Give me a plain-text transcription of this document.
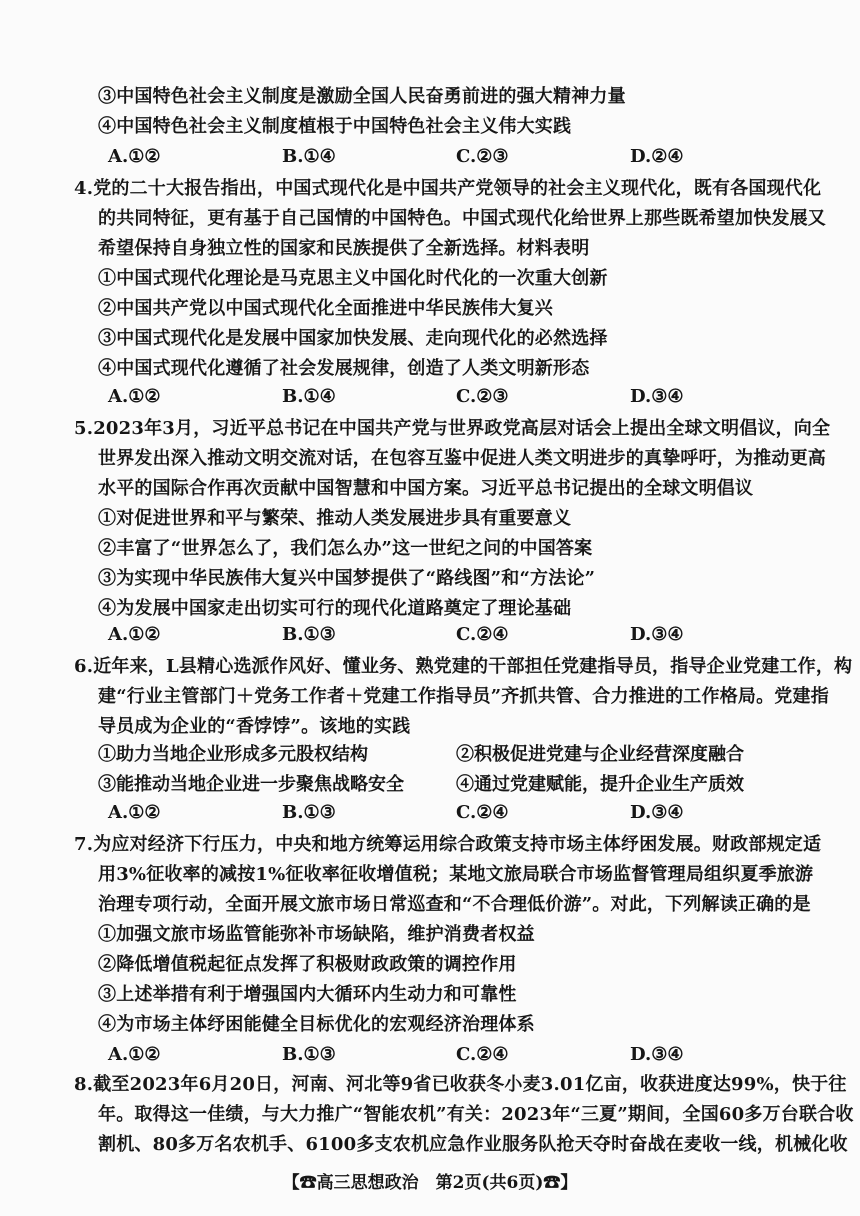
③中国特色社会主义制度是激励全国人民奋勇前进的强大精神力量
④中国特色社会主义制度植根于中国特色社会主义伟大实践
A.①②	B.①④	C.②③	D.②④
4.党的二十大报告指出，中国式现代化是中国共产党领导的社会主义现代化，既有各国现代化
的共同特征，更有基于自己国情的中国特色。中国式现代化给世界上那些既希望加快发展又
希望保持自身独立性的国家和民族提供了全新选择。材料表明
①中国式现代化理论是马克思主义中国化时代化的一次重大创新
②中国共产党以中国式现代化全面推进中华民族伟大复兴
③中国式现代化是发展中国家加快发展、走向现代化的必然选择
④中国式现代化遵循了社会发展规律，创造了人类文明新形态
A.①②	B.①④	C.②③	D.③④
5.2023年3月，习近平总书记在中国共产党与世界政党高层对话会上提出全球文明倡议，向全
世界发出深入推动文明交流对话，在包容互鉴中促进人类文明进步的真挚呼吁，为推动更高
水平的国际合作再次贡献中国智慧和中国方案。习近平总书记提出的全球文明倡议
①对促进世界和平与繁荣、推动人类发展进步具有重要意义
②丰富了“世界怎么了，我们怎么办”这一世纪之问的中国答案
③为实现中华民族伟大复兴中国梦提供了“路线图”和“方法论”
④为发展中国家走出切实可行的现代化道路奠定了理论基础
A.①②	B.①③	C.②④	D.③④
6.近年来，L县精心选派作风好、懂业务、熟党建的干部担任党建指导员，指导企业党建工作，构
建“行业主管部门＋党务工作者＋党建工作指导员”齐抓共管、合力推进的工作格局。党建指
导员成为企业的“香饽饽”。该地的实践
①助力当地企业形成多元股权结构	②积极促进党建与企业经营深度融合
③能推动当地企业进一步聚焦战略安全	④通过党建赋能，提升企业生产质效
A.①②	B.①③	C.②④	D.③④
7.为应对经济下行压力，中央和地方统筹运用综合政策支持市场主体纾困发展。财政部规定适
用3%征收率的减按1%征收率征收增值税；某地文旅局联合市场监督管理局组织夏季旅游
治理专项行动，全面开展文旅市场日常巡查和“不合理低价游”。对此，下列解读正确的是
①加强文旅市场监管能弥补市场缺陷，维护消费者权益
②降低增值税起征点发挥了积极财政政策的调控作用
③上述举措有利于增强国内大循环内生动力和可靠性
④为市场主体纾困能健全目标优化的宏观经济治理体系
A.①②	B.①③	C.②④	D.③④
8.截至2023年6月20日，河南、河北等9省已收获冬小麦3.01亿亩，收获进度达99%，快于往
年。取得这一佳绩，与大力推广“智能农机”有关：2023年“三夏”期间，全国60多万台联合收
割机、80多万名农机手、6100多支农机应急作业服务队抢天夺时奋战在麦收一线，机械化收
【☎高三思想政治　第2页(共6页)☎】
